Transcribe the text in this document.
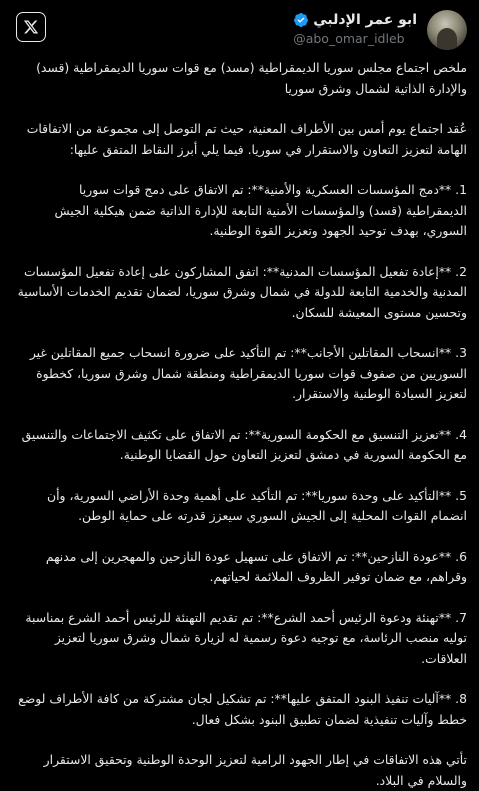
ابو عمر الإدلبي
@abo_omar_idleb

ملخص اجتماع مجلس سوريا الديمقراطية (مسد) مع قوات سوريا الديمقراطية (قسد) والإدارة الذاتية لشمال وشرق سوريا

عُقد اجتماع يوم أمس بين الأطراف المعنية، حيث تم التوصل إلى مجموعة من الاتفاقات الهامة لتعزيز التعاون والاستقرار في سوريا. فيما يلي أبرز النقاط المتفق عليها:

1. **دمج المؤسسات العسكرية والأمنية**: تم الاتفاق على دمج قوات سوريا الديمقراطية (قسد) والمؤسسات الأمنية التابعة للإدارة الذاتية ضمن هيكلية الجيش السوري، بهدف توحيد الجهود وتعزيز القوة الوطنية.

2. **إعادة تفعيل المؤسسات المدنية**: اتفق المشاركون على إعادة تفعيل المؤسسات المدنية والخدمية التابعة للدولة في شمال وشرق سوريا، لضمان تقديم الخدمات الأساسية وتحسين مستوى المعيشة للسكان.

3. **انسحاب المقاتلين الأجانب**: تم التأكيد على ضرورة انسحاب جميع المقاتلين غير السوريين من صفوف قوات سوريا الديمقراطية ومنطقة شمال وشرق سوريا، كخطوة لتعزيز السيادة الوطنية والاستقرار.

4. **تعزيز التنسيق مع الحكومة السورية**: تم الاتفاق على تكثيف الاجتماعات والتنسيق مع الحكومة السورية في دمشق لتعزيز التعاون حول القضايا الوطنية.

5. **التأكيد على وحدة سوريا**: تم التأكيد على أهمية وحدة الأراضي السورية، وأن انضمام القوات المحلية إلى الجيش السوري سيعزز قدرته على حماية الوطن.

6. **عودة النازحين**: تم الاتفاق على تسهيل عودة النازحين والمهجرين إلى مدنهم وقراهم، مع ضمان توفير الظروف الملائمة لحياتهم.

7. **تهنئة ودعوة الرئيس أحمد الشرع**: تم تقديم التهنئة للرئيس أحمد الشرع بمناسبة توليه منصب الرئاسة، مع توجيه دعوة رسمية له لزيارة شمال وشرق سوريا لتعزيز العلاقات.

8. **آليات تنفيذ البنود المتفق عليها**: تم تشكيل لجان مشتركة من كافة الأطراف لوضع خطط وآليات تنفيذية لضمان تطبيق البنود بشكل فعال.

تأتي هذه الاتفاقات في إطار الجهود الرامية لتعزيز الوحدة الوطنية وتحقيق الاستقرار والسلام في البلاد.
